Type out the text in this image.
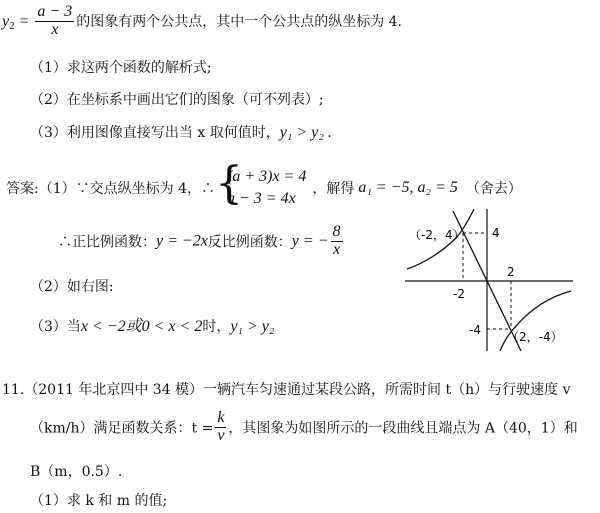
$y_2 = \frac{a - 3}{x}$ 的图象有两个公共点，其中一个公共点的纵坐标为 4.
（1）求这两个函数的解析式;
（2）在坐标系中画出它们的图象（可不列表）;
（3）利用图像直接写出当 x 取何值时，y₁ > y₂ .
答案:（1）∵交点纵坐标为 4，∴ {
(a + 3)x = 4
a − 3 = 4x
，解得 a₁ = −5, a₂ = 5 （舍去）
∴正比例函数：y = −2x反比例函数：y = − $\frac{8}{x}$
（2）如右图:
（3）当x < −2或0 < x < 2时，y₁ > y₂
（-2，4） 4
2
-2
-4 （2，-4）
11.（2011 年北京四中 34 模）一辆汽车匀速通过某段公路，所需时间 t（h）与行驶速度 v
（km/h）满足函数关系：$t = \frac{k}{v}$ ，其图象为如图所示的一段曲线且端点为 A（40，1）和
B（m，0.5）.
（1）求 k 和 m 的值;
